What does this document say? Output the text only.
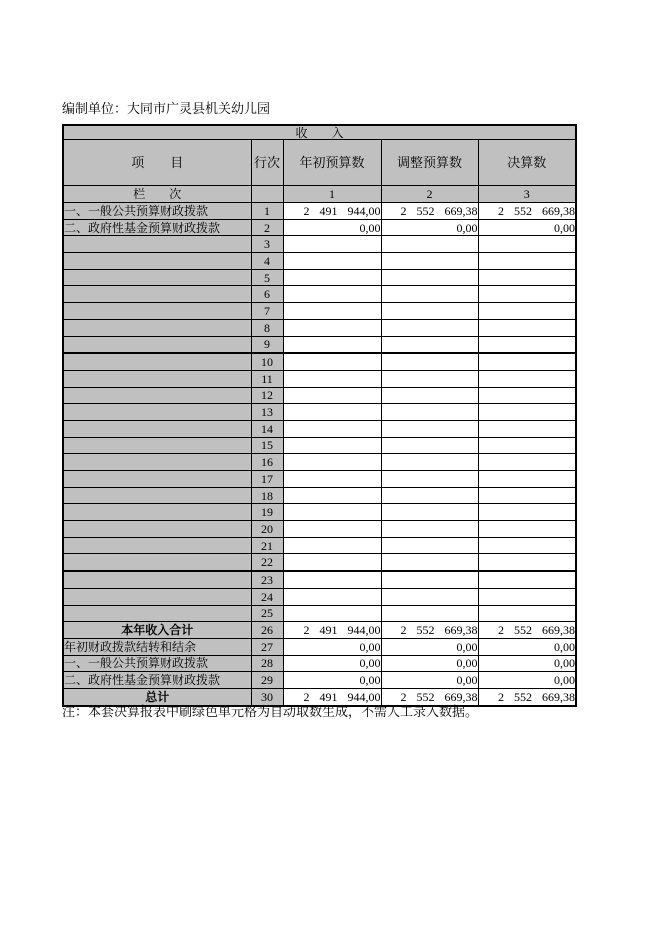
编制单位：大同市广灵县机关幼儿园
收　　入				
项　　目	行次	年初预算数	调整预算数	决算数
栏　　次		1	2	3
一、一般公共预算财政拨款	1	2 491 944,00	2 552 669,38	2 552 669,38
二、政府性基金预算财政拨款	2	0,00	0,00	0,00
	3			
	4			
	5			
	6			
	7			
	8			
	9			
	10			
	11			
	12			
	13			
	14			
	15			
	16			
	17			
	18			
	19			
	20			
	21			
	22			
	23			
	24			
	25			
本年收入合计	26	2 491 944,00	2 552 669,38	2 552 669,38
年初财政拨款结转和结余	27	0,00	0,00	0,00
一、一般公共预算财政拨款	28	0,00	0,00	0,00
二、政府性基金预算财政拨款	29	0,00	0,00	0,00
总计	30	2 491 944,00	2 552 669,38	2 552 669,38
注：本套决算报表中刷绿色单元格为自动取数生成，不需人工录入数据。
